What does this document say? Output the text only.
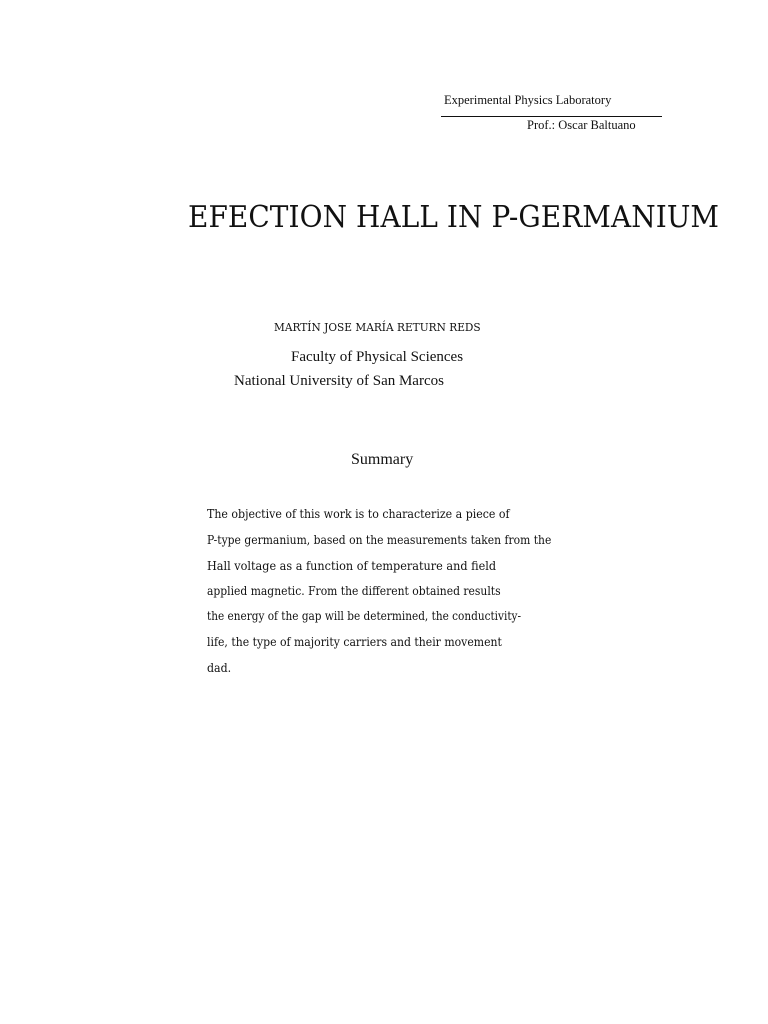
Experimental Physics Laboratory
Prof.: Oscar Baltuano
EFECTION HALL IN P-GERMANIUM
MARTÍN JOSE MARÍA RETURN REDS
Faculty of Physical Sciences
National University of San Marcos
Summary
The objective of this work is to characterize a piece of
P-type germanium, based on the measurements taken from the
Hall voltage as a function of temperature and field
applied magnetic. From the different obtained results
the energy of the gap will be determined, the conductivity-
life, the type of majority carriers and their movement
dad.
